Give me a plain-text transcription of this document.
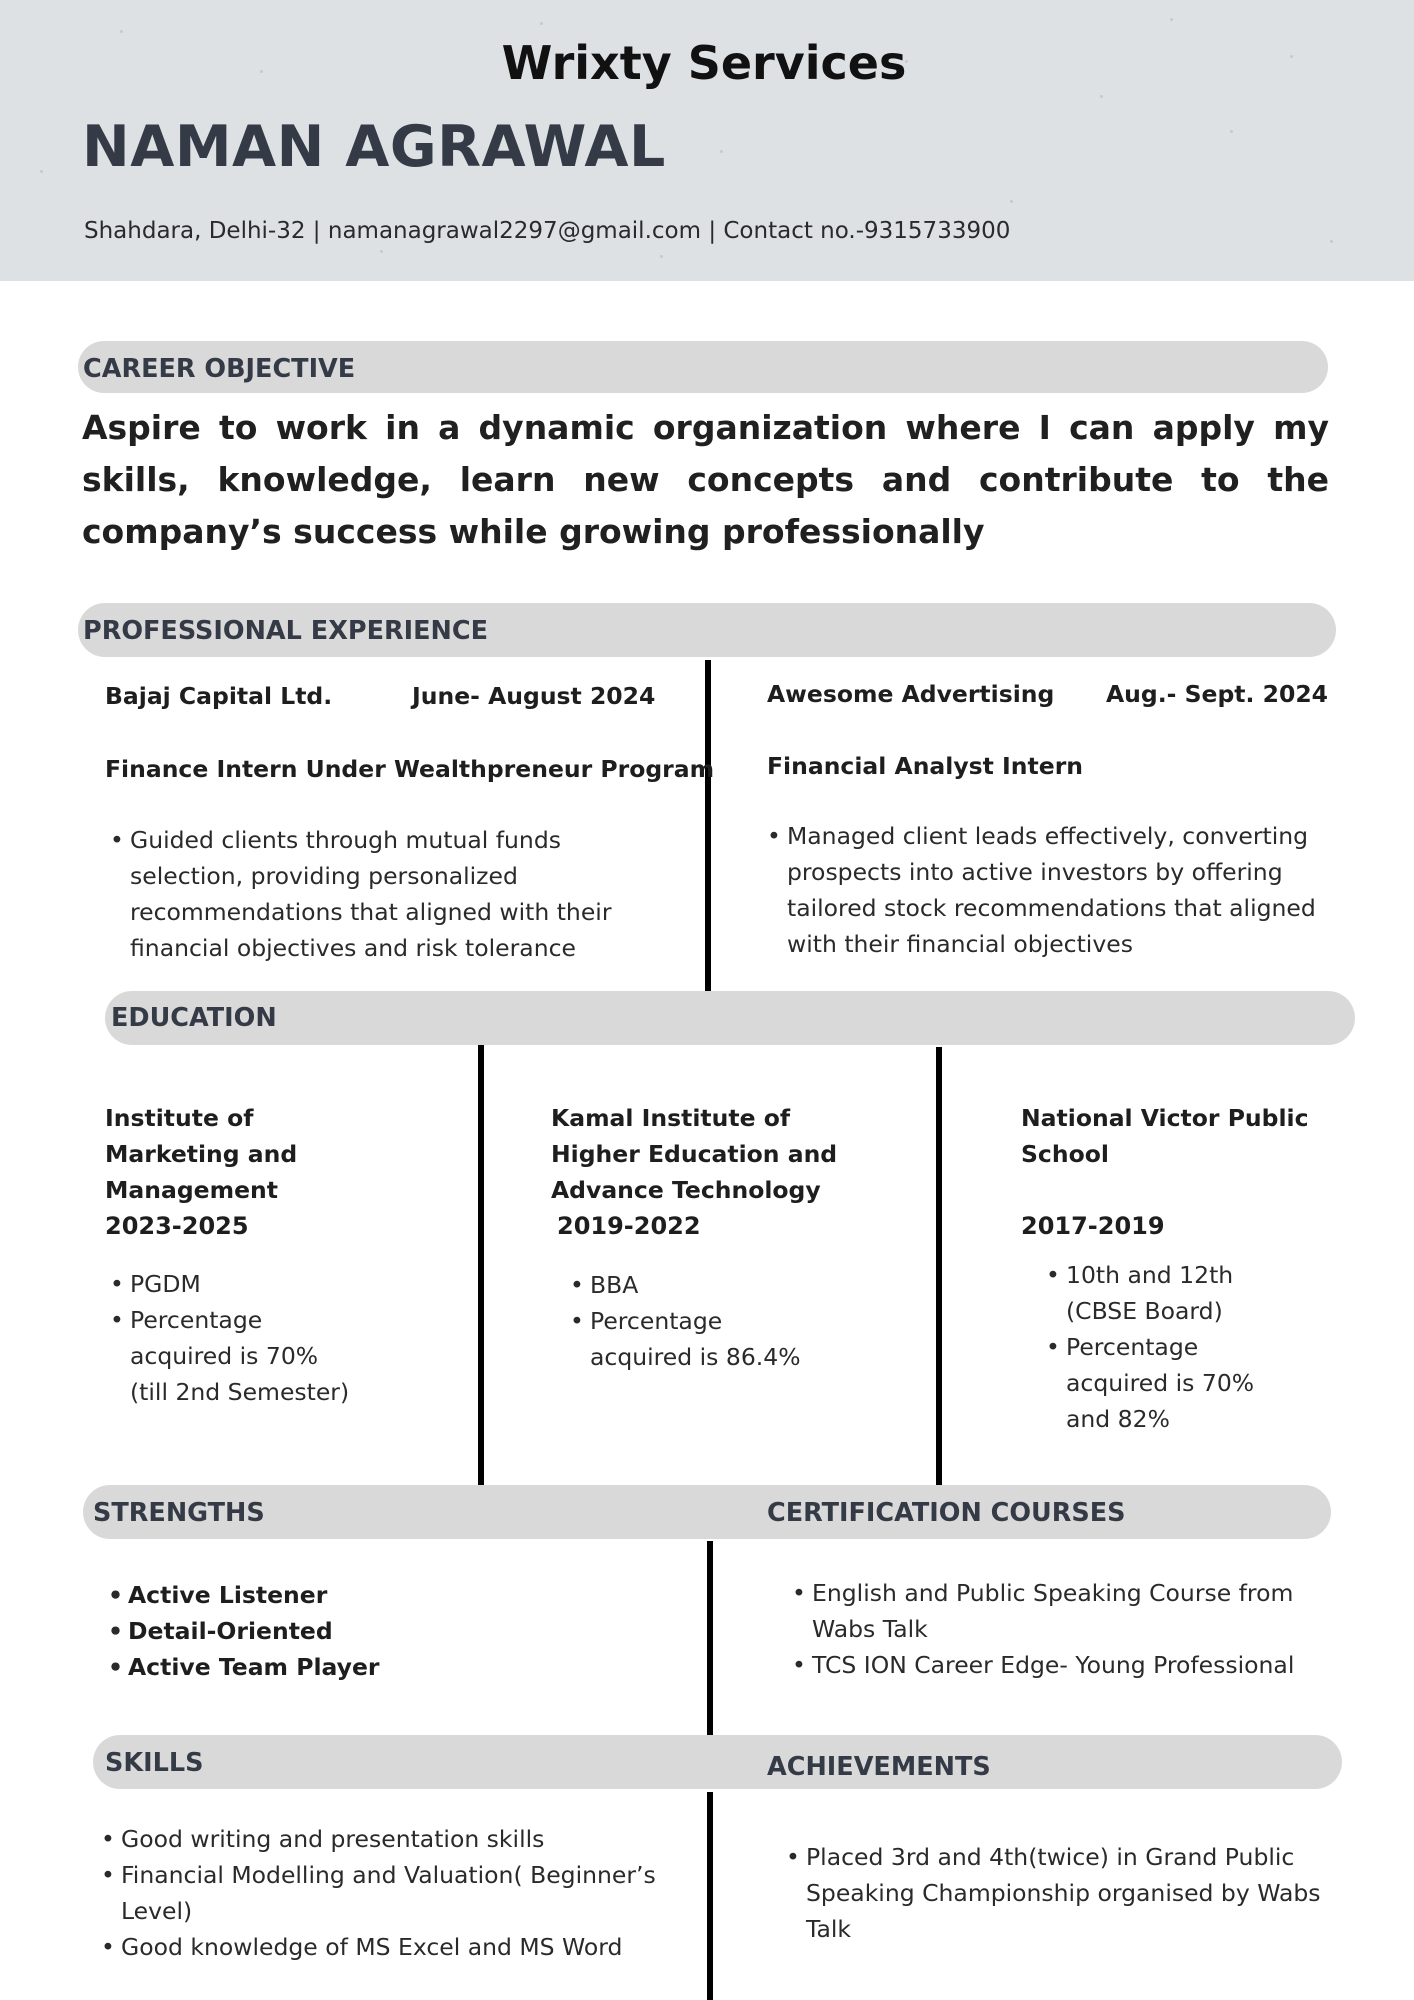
Wrixty Services
NAMAN AGRAWAL
Shahdara, Delhi-32 | namanagrawal2297@gmail.com | Contact no.-9315733900
CAREER OBJECTIVE
Aspire to work in a dynamic organization where I can apply my skills, knowledge, learn new concepts and contribute to the company’s success while growing professionally
PROFESSIONAL EXPERIENCE
Bajaj Capital Ltd.	June- August 2024
Finance Intern Under Wealthpreneur Program
• Guided clients through mutual funds selection, providing personalized recommendations that aligned with their financial objectives and risk tolerance
Awesome Advertising Aug.- Sept. 2024
Financial Analyst Intern
• Managed client leads effectively, converting prospects into active investors by offering tailored stock recommendations that aligned with their financial objectives
EDUCATION
Institute of Marketing and Management
2023-2025
• PGDM
• Percentage acquired is 70% (till 2nd Semester)
Kamal Institute of Higher Education and Advance Technology
2019-2022
• BBA
• Percentage acquired is 86.4%
National Victor Public School
2017-2019
• 10th and 12th (CBSE Board)
• Percentage acquired is 70% and 82%
STRENGTHS	CERTIFICATION COURSES
• Active Listener
• Detail-Oriented
• Active Team Player
• English and Public Speaking Course from Wabs Talk
• TCS ION Career Edge- Young Professional
SKILLS	ACHIEVEMENTS
• Good writing and presentation skills
• Financial Modelling and Valuation( Beginner’s Level)
• Good knowledge of MS Excel and MS Word
• Placed 3rd and 4th(twice) in Grand Public Speaking Championship organised by Wabs Talk
